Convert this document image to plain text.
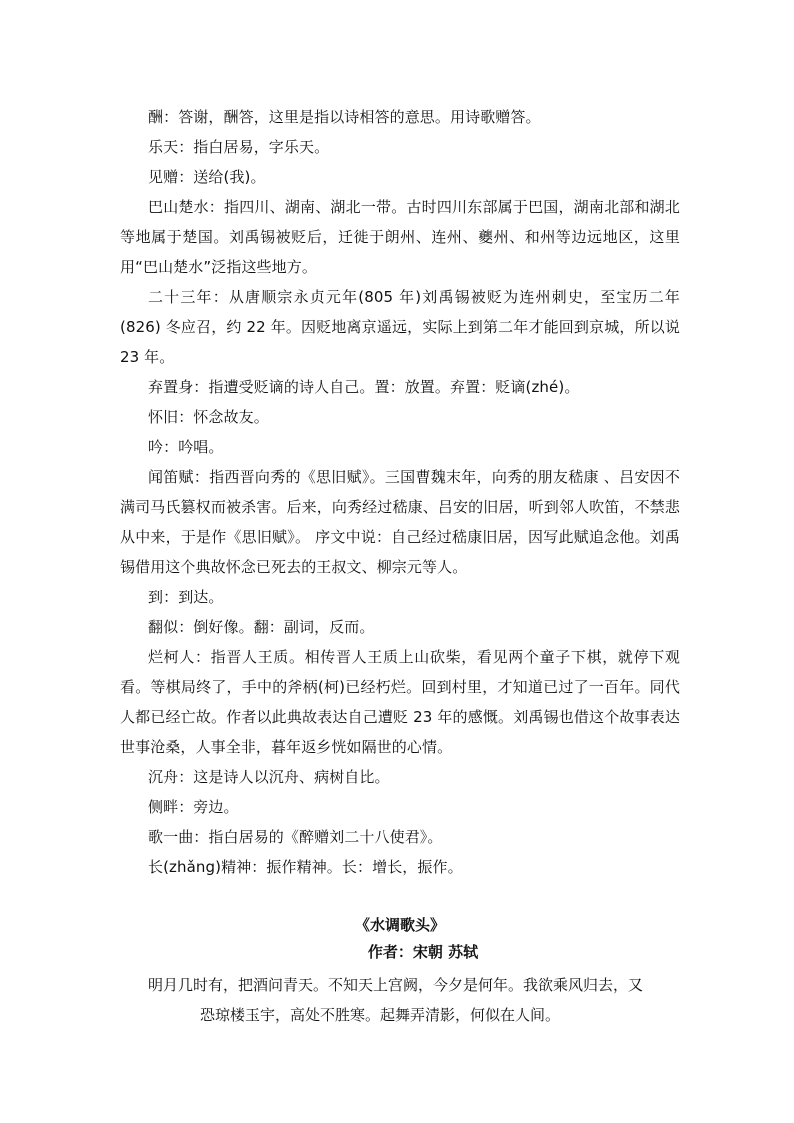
酬：答谢，酬答，这里是指以诗相答的意思。用诗歌赠答。

乐天：指白居易，字乐天。

见赠：送给(我)。

巴山楚水：指四川、湖南、湖北一带。古时四川东部属于巴国，湖南北部和湖北等地属于楚国。刘禹锡被贬后，迁徙于朗州、连州、夔州、和州等边远地区，这里用“巴山楚水”泛指这些地方。

二十三年：从唐顺宗永贞元年(805 年)刘禹锡被贬为连州刺史，至宝历二年(826) 冬应召，约 22 年。因贬地离京遥远，实际上到第二年才能回到京城，所以说 23 年。

弃置身：指遭受贬谪的诗人自己。置：放置。弃置：贬谪(zhé)。

怀旧：怀念故友。

吟：吟唱。

闻笛赋：指西晋向秀的《思旧赋》。三国曹魏末年，向秀的朋友嵇康 、吕安因不满司马氏篡权而被杀害。后来，向秀经过嵇康、吕安的旧居，听到邻人吹笛，不禁悲从中来，于是作《思旧赋》。 序文中说：自己经过嵇康旧居，因写此赋追念他。刘禹锡借用这个典故怀念已死去的王叔文、柳宗元等人。

到：到达。

翻似：倒好像。翻：副词，反而。

烂柯人：指晋人王质。相传晋人王质上山砍柴，看见两个童子下棋，就停下观看。等棋局终了，手中的斧柄(柯)已经朽烂。回到村里，才知道已过了一百年。同代人都已经亡故。作者以此典故表达自己遭贬 23 年的感慨。刘禹锡也借这个故事表达世事沧桑，人事全非，暮年返乡恍如隔世的心情。

沉舟：这是诗人以沉舟、病树自比。

侧畔：旁边。

歌一曲：指白居易的《醉赠刘二十八使君》。

长(zhǎng)精神：振作精神。长：增长，振作。

《水调歌头》

作者：宋朝 苏轼

明月几时有，把酒问青天。不知天上宫阙，今夕是何年。我欲乘风归去，又

恐琼楼玉宇，高处不胜寒。起舞弄清影，何似在人间。
